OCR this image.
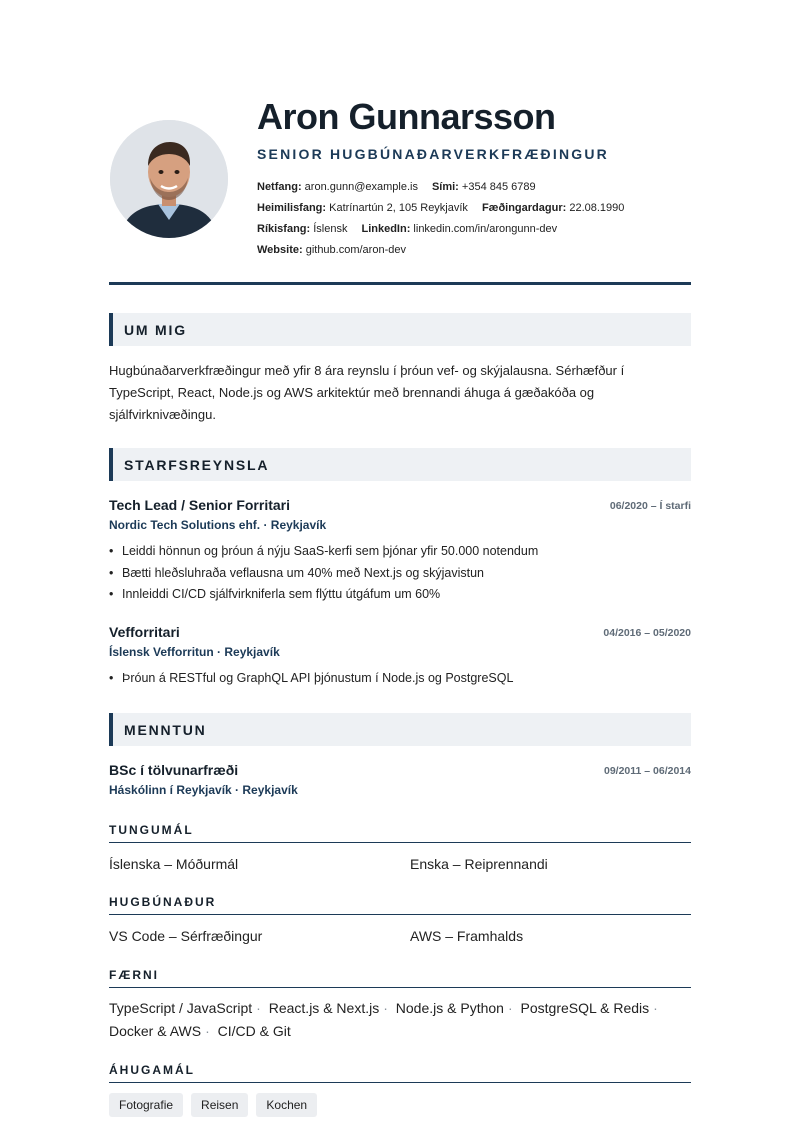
Aron Gunnarsson
SENIOR HUGBÚNAÐARVERKFRÆÐINGUR
Netfang: aron.gunn@example.is Sími: +354 845 6789
Heimilisfang: Katrínartún 2, 105 Reykjavík Fæðingardagur: 22.08.1990
Ríkisfang: Íslensk LinkedIn: linkedin.com/in/arongunn-dev
Website: github.com/aron-dev
UM MIG
Hugbúnaðarverkfræðingur með yfir 8 ára reynslu í þróun vef- og skýjalausna. Sérhæfður í TypeScript, React, Node.js og AWS arkitektúr með brennandi áhuga á gæðakóða og sjálfvirknivæðingu.
STARFSREYNSLA
Tech Lead / Senior Forritari	06/2020 – Í starfi
Nordic Tech Solutions ehf. · Reykjavík
• Leiddi hönnun og þróun á nýju SaaS-kerfi sem þjónar yfir 50.000 notendum
• Bætti hleðsluhraða veflausna um 40% með Next.js og skýjavistun
• Innleiddi CI/CD sjálfvirkniferla sem flýttu útgáfum um 60%
Vefforritari	04/2016 – 05/2020
Íslensk Vefforritun · Reykjavík
• Þróun á RESTful og GraphQL API þjónustum í Node.js og PostgreSQL
MENNTUN
BSc í tölvunarfræði	09/2011 – 06/2014
Háskólinn í Reykjavík · Reykjavík
TUNGUMÁL
Íslenska – Móðurmál	Enska – Reiprennandi
HUGBÚNAÐUR
VS Code – Sérfræðingur	AWS – Framhalds
FÆRNI
TypeScript / JavaScript · React.js & Next.js · Node.js & Python · PostgreSQL & Redis · Docker & AWS · CI/CD & Git
ÁHUGAMÁL
Fotografie	Reisen	Kochen
